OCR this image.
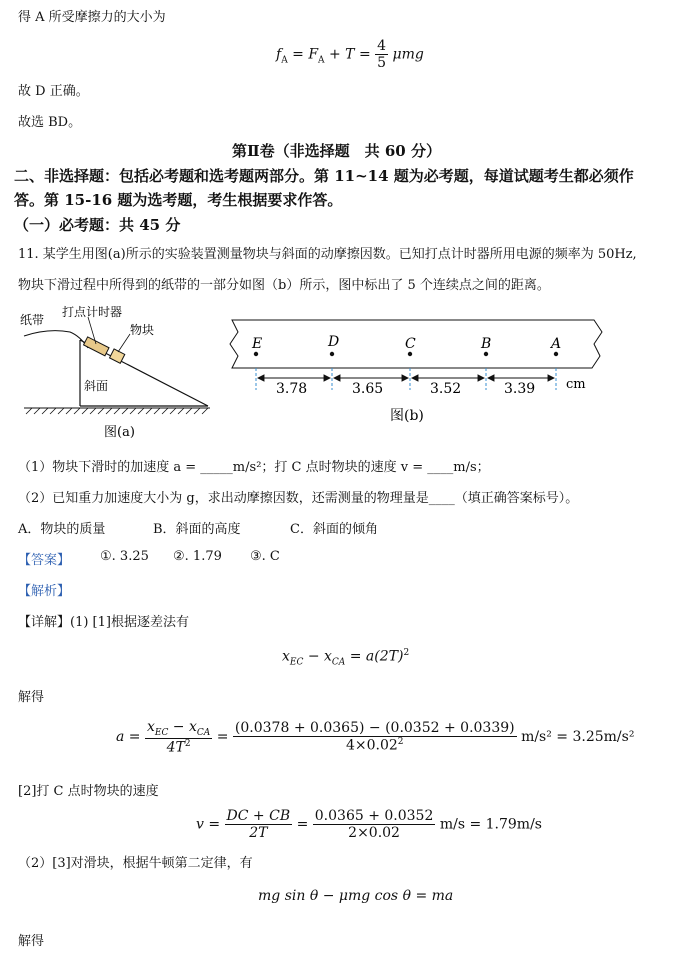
得 A 所受摩擦力的大小为
$f_A = F_A + T = \frac{4}{5}$ μmg
故 D 正确。
故选 BD。
第Ⅱ卷（非选择题　共 60 分）
二、非选择题：包括必考题和选考题两部分。第 11~14 题为必考题，每道试题考生都必须作
答。第 15-16 题为选考题，考生根据要求作答。
（一）必考题：共 45 分
11. 某学生用图(a)所示的实验装置测量物块与斜面的动摩擦因数。已知打点计时器所用电源的频率为 50Hz,
物块下滑过程中所得到的纸带的一部分如图（b）所示，图中标出了 5 个连续点之间的距离。
纸带
打点计时器
物块
斜面
图(a)
E	D	C	B	A
3.78	3.65	3.52	3.39 cm
图(b)
（1）物块下滑时的加速度 a = _____m/s²；打 C 点时物块的速度 v = ____m/s；
（2）已知重力加速度大小为 g，求出动摩擦因数，还需测量的物理量是____（填正确答案标号）。
A．物块的质量	B．斜面的高度	C．斜面的倾角
【答案】 ①. 3.25 ②. 1.79 ③. C
【解析】
【详解】(1) [1]根据逐差法有
$x_{EC} - x_{CA} = a(2T)^2$
解得
$a = \frac{x_{EC} - x_{CA}}{4T^2} = \frac{(0.0378 + 0.0365) - (0.0352 + 0.0339)}{4\times 0.02^2} m/s^2 = 3.25m/s^2$
[2]打 C 点时物块的速度
$v = \frac{DC + CB}{2T} = \frac{0.0365 + 0.0352}{2\times 0.02} m/s = 1.79m/s$
（2）[3]对滑块，根据牛顿第二定律，有
mg sin θ − μmg cos θ = ma
解得
